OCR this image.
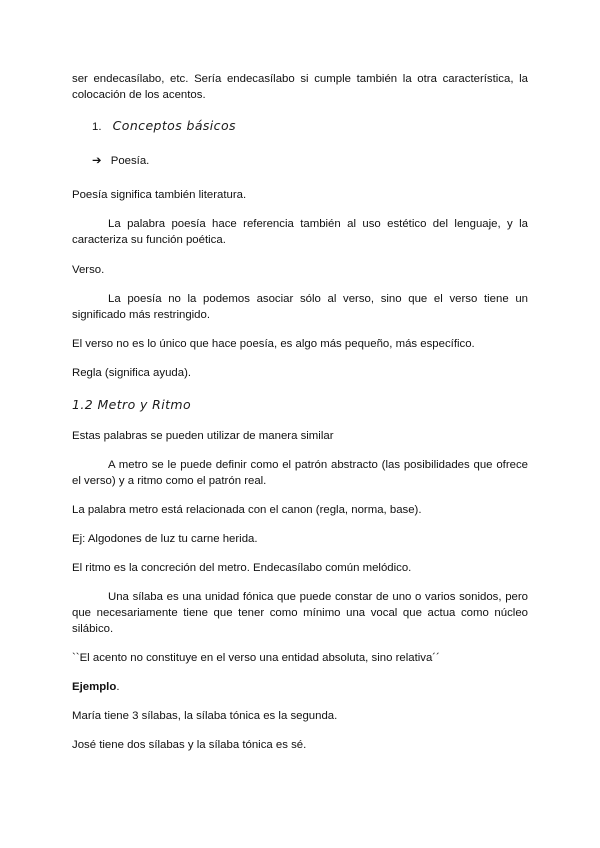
ser endecasílabo, etc. Sería endecasílabo si cumple también la otra característica, la colocación de los acentos.

1. Conceptos básicos
➔ Poesía.

Poesía significa también literatura.

La palabra poesía hace referencia también al uso estético del lenguaje, y la caracteriza su función poética.

Verso.

La poesía no la podemos asociar sólo al verso, sino que el verso tiene un significado más restringido.

El verso no es lo único que hace poesía, es algo más pequeño, más específico.

Regla (significa ayuda).

1.2 Metro y Ritmo

Estas palabras se pueden utilizar de manera similar

A metro se le puede definir como el patrón abstracto (las posibilidades que ofrece el verso) y a ritmo como el patrón real.

La palabra metro está relacionada con el canon (regla, norma, base).

Ej: Algodones de luz tu carne herida.

El ritmo es la concreción del metro. Endecasílabo común melódico.

Una sílaba es una unidad fónica que puede constar de uno o varios sonidos, pero que necesariamente tiene que tener como mínimo una vocal que actua como núcleo silábico.

``El acento no constituye en el verso una entidad absoluta, sino relativa´´

Ejemplo.

María tiene 3 sílabas, la sílaba tónica es la segunda.

José tiene dos sílabas y la sílaba tónica es sé.
